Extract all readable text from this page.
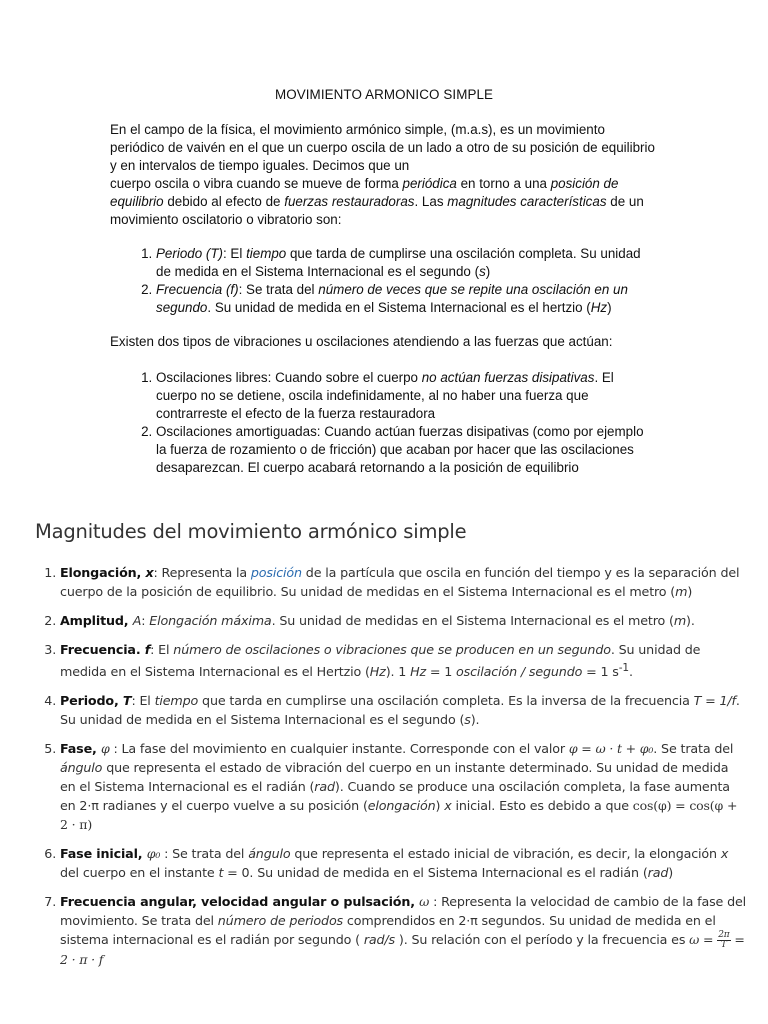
MOVIMIENTO ARMONICO SIMPLE

En el campo de la física, el movimiento armónico simple, (m.a.s), es un movimiento periódico de vaivén en el que un cuerpo oscila de un lado a otro de su posición de equilibrio y en intervalos de tiempo iguales. Decimos que un
cuerpo oscila o vibra cuando se mueve de forma periódica en torno a una posición de equilibrio debido al efecto de fuerzas restauradoras. Las magnitudes características de un movimiento oscilatorio o vibratorio son:

1. Periodo (T): El tiempo que tarda de cumplirse una oscilación completa. Su unidad de medida en el Sistema Internacional es el segundo (s)
2. Frecuencia (f): Se trata del número de veces que se repite una oscilación en un segundo. Su unidad de medida en el Sistema Internacional es el hertzio (Hz)

Existen dos tipos de vibraciones u oscilaciones atendiendo a las fuerzas que actúan:

1. Oscilaciones libres: Cuando sobre el cuerpo no actúan fuerzas disipativas. El cuerpo no se detiene, oscila indefinidamente, al no haber una fuerza que contrarreste el efecto de la fuerza restauradora
2. Oscilaciones amortiguadas: Cuando actúan fuerzas disipativas (como por ejemplo la fuerza de rozamiento o de fricción) que acaban por hacer que las oscilaciones desaparezcan. El cuerpo acabará retornando a la posición de equilibrio
Magnitudes del movimiento armónico simple
1. Elongación, x: Representa la posición de la partícula que oscila en función del tiempo y es la separación del cuerpo de la posición de equilibrio. Su unidad de medidas en el Sistema Internacional es el metro (m)
2. Amplitud, A: Elongación máxima. Su unidad de medidas en el Sistema Internacional es el metro (m).
3. Frecuencia. f: El número de oscilaciones o vibraciones que se producen en un segundo. Su unidad de medida en el Sistema Internacional es el Hertzio (Hz). 1 Hz = 1 oscilación / segundo = 1 $s^{-1}$.
4. Periodo, T: El tiempo que tarda en cumplirse una oscilación completa. Es la inversa de la frecuencia T = 1/f. Su unidad de medida en el Sistema Internacional es el segundo (s).
5. Fase, φ : La fase del movimiento en cualquier instante. Corresponde con el valor φ = ω · t + φ₀. Se trata del ángulo que representa el estado de vibración del cuerpo en un instante determinado. Su unidad de medida en el Sistema Internacional es el radián (rad). Cuando se produce una oscilación completa, la fase aumenta en 2·π radianes y el cuerpo vuelve a su posición (elongación) x inicial. Esto es debido a que cos(φ) = cos(φ + 2 · π)
6. Fase inicial, φ₀ : Se trata del ángulo que representa el estado inicial de vibración, es decir, la elongación x del cuerpo en el instante t = 0. Su unidad de medida en el Sistema Internacional es el radián (rad)
7. Frecuencia angular, velocidad angular o pulsación, ω : Representa la velocidad de cambio de la fase del movimiento. Se trata del número de periodos comprendidos en 2·π segundos. Su unidad de medida en el sistema internacional es el radián por segundo ( rad/s ). Su relación con el período y la frecuencia es $\omega = \frac{2\pi}{T} = 2 \cdot \pi \cdot f$
